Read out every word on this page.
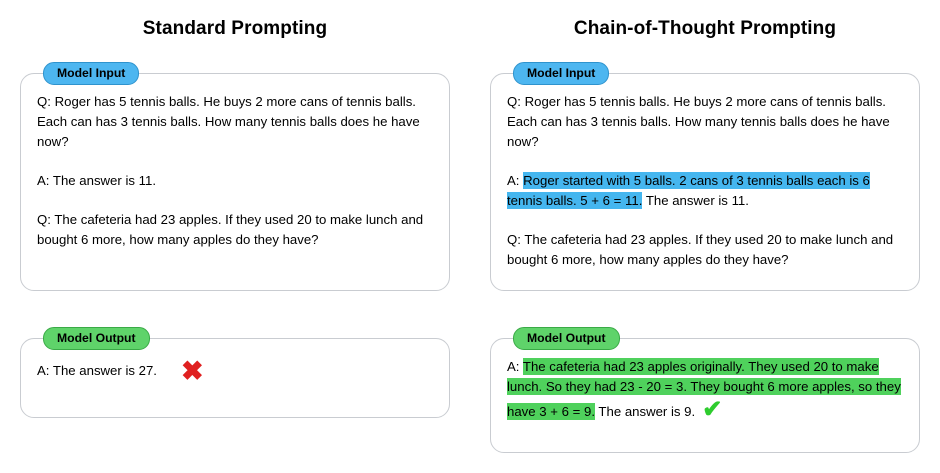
Standard Prompting
Model Input

Q: Roger has 5 tennis balls. He buys 2 more cans of tennis balls. Each can has 3 tennis balls. How many tennis balls does he have now?

A: The answer is 11.

Q: The cafeteria had 23 apples. If they used 20 to make lunch and bought 6 more, how many apples do they have?

Model Output

A: The answer is 27. ✖

Chain-of-Thought Prompting
Model Input

Q: Roger has 5 tennis balls. He buys 2 more cans of tennis balls. Each can has 3 tennis balls. How many tennis balls does he have now?

A: Roger started with 5 balls. 2 cans of 3 tennis balls each is 6 tennis balls. 5 + 6 = 11. The answer is 11.

Q: The cafeteria had 23 apples. If they used 20 to make lunch and bought 6 more, how many apples do they have?

Model Output

A: The cafeteria had 23 apples originally. They used 20 to make lunch. So they had 23 - 20 = 3. They bought 6 more apples, so they have 3 + 6 = 9. The answer is 9. ✔
